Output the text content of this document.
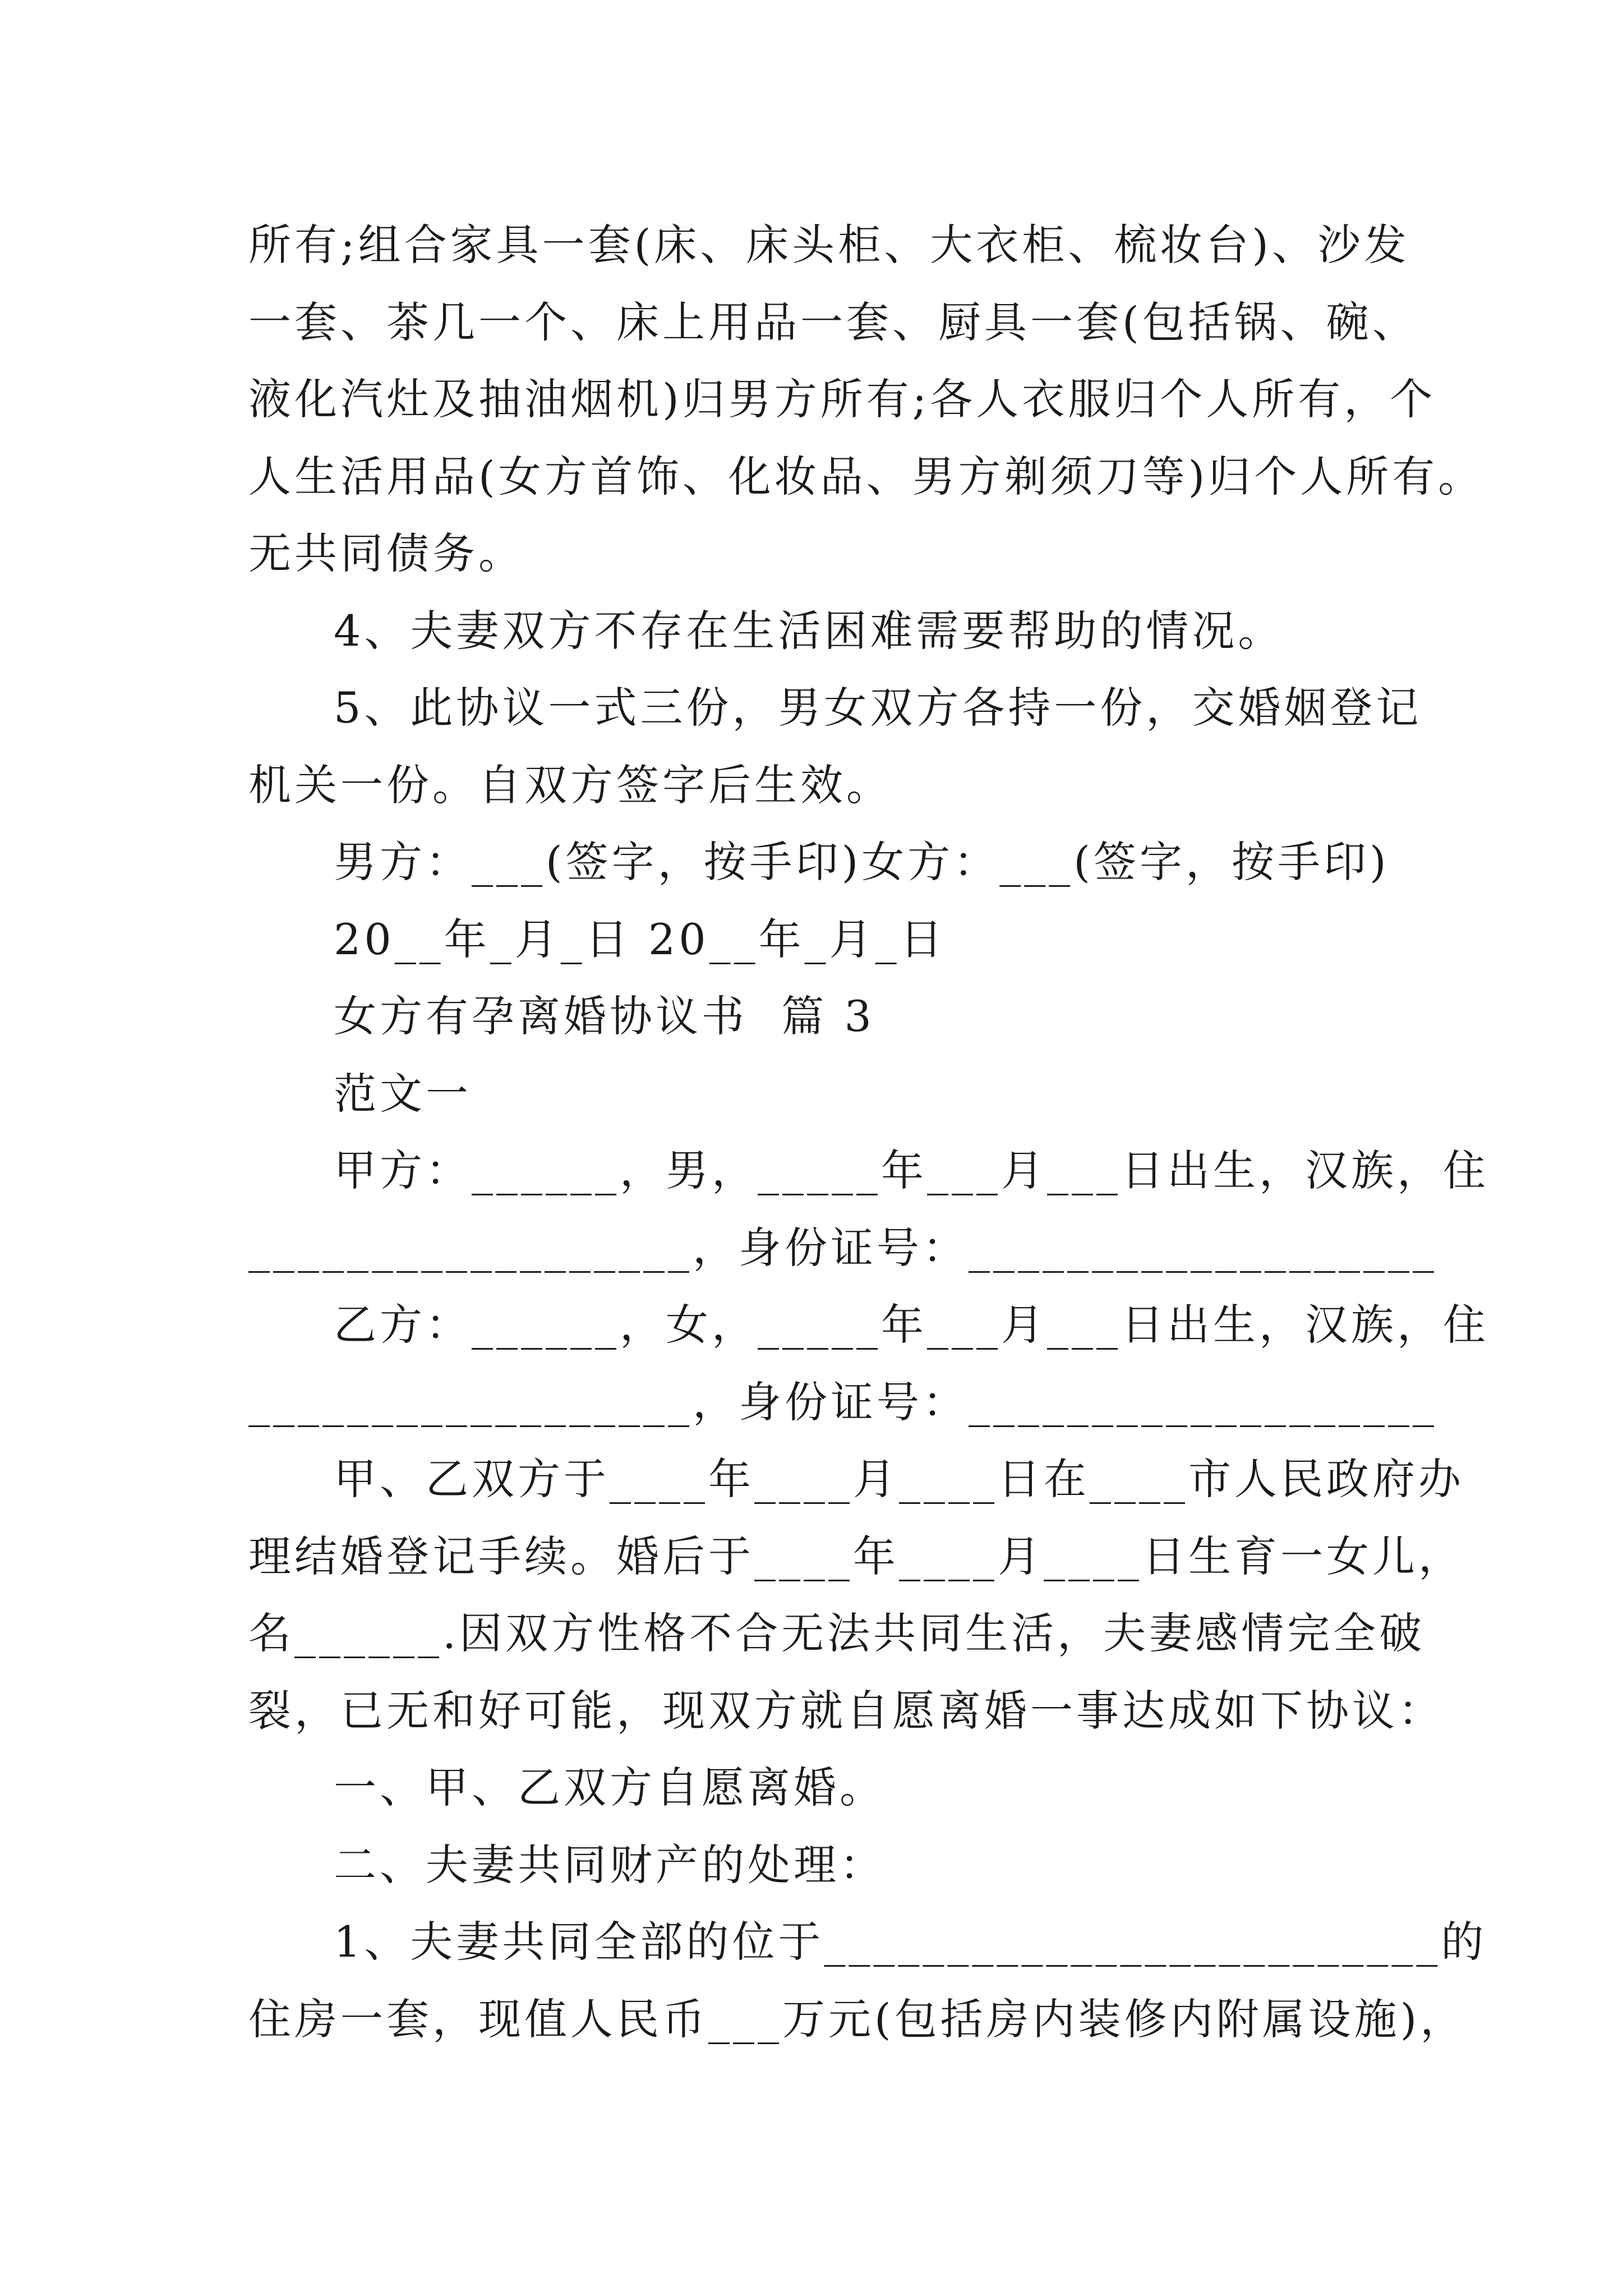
所有;组合家具一套(床、床头柜、大衣柜、梳妆台)、沙发
一套、茶几一个、床上用品一套、厨具一套(包括锅、碗、
液化汽灶及抽油烟机)归男方所有;各人衣服归个人所有，个
人生活用品(女方首饰、化妆品、男方剃须刀等)归个人所有。
无共同债务。
4、夫妻双方不存在生活困难需要帮助的情况。
5、此协议一式三份，男女双方各持一份，交婚姻登记
机关一份。自双方签字后生效。
男方：___(签字，按手印)女方：___(签字，按手印)
20__年_月_日 20__年_月_日
女方有孕离婚协议书  篇 3
范文一
甲方：______，男，_____年___月___日出生，汉族，住
__________________，身份证号：___________________
乙方：______，女，_____年___月___日出生，汉族，住
__________________，身份证号：___________________
甲、乙双方于____年____月____日在____市人民政府办
理结婚登记手续。婚后于____年____月____日生育一女儿，
名______.因双方性格不合无法共同生活，夫妻感情完全破
裂，已无和好可能，现双方就自愿离婚一事达成如下协议：
一、甲、乙双方自愿离婚。
二、夫妻共同财产的处理：
1、夫妻共同全部的位于_________________________的
住房一套，现值人民币___万元(包括房内装修内附属设施)，
